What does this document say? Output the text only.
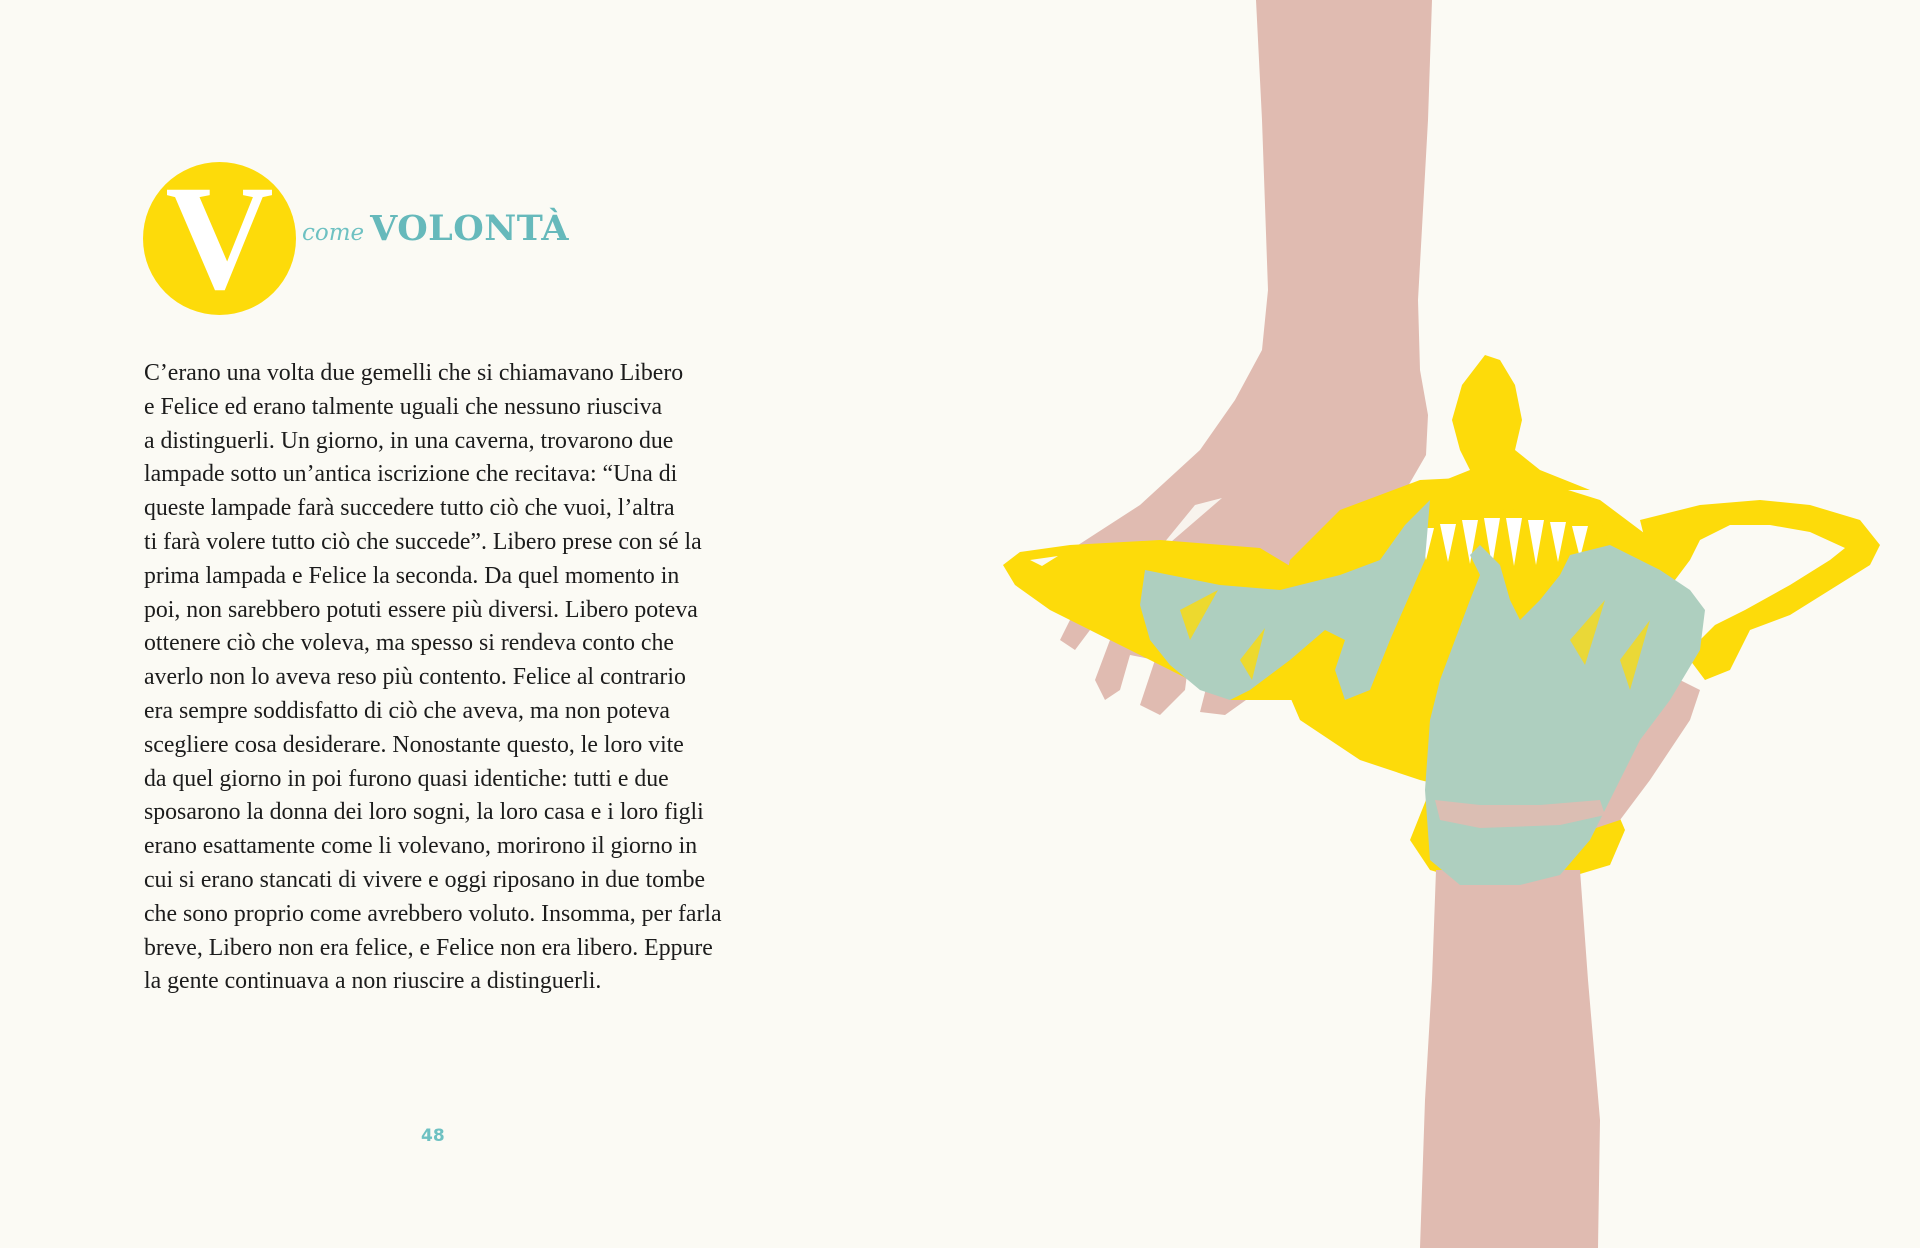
V	come VOLONTÀ
C’erano una volta due gemelli che si chiamavano Libero
e Felice ed erano talmente uguali che nessuno riusciva
a distinguerli. Un giorno, in una caverna, trovarono due
lampade sotto un’antica iscrizione che recitava: “Una di
queste lampade farà succedere tutto ciò che vuoi, l’altra
ti farà volere tutto ciò che succede”. Libero prese con sé la
prima lampada e Felice la seconda. Da quel momento in
poi, non sarebbero potuti essere più diversi. Libero poteva
ottenere ciò che voleva, ma spesso si rendeva conto che
averlo non lo aveva reso più contento. Felice al contrario
era sempre soddisfatto di ciò che aveva, ma non poteva
scegliere cosa desiderare. Nonostante questo, le loro vite
da quel giorno in poi furono quasi identiche: tutti e due
sposarono la donna dei loro sogni, la loro casa e i loro figli
erano esattamente come li volevano, morirono il giorno in
cui si erano stancati di vivere e oggi riposano in due tombe
che sono proprio come avrebbero voluto. Insomma, per farla
breve, Libero non era felice, e Felice non era libero. Eppure
la gente continuava a non riuscire a distinguerli.
48
